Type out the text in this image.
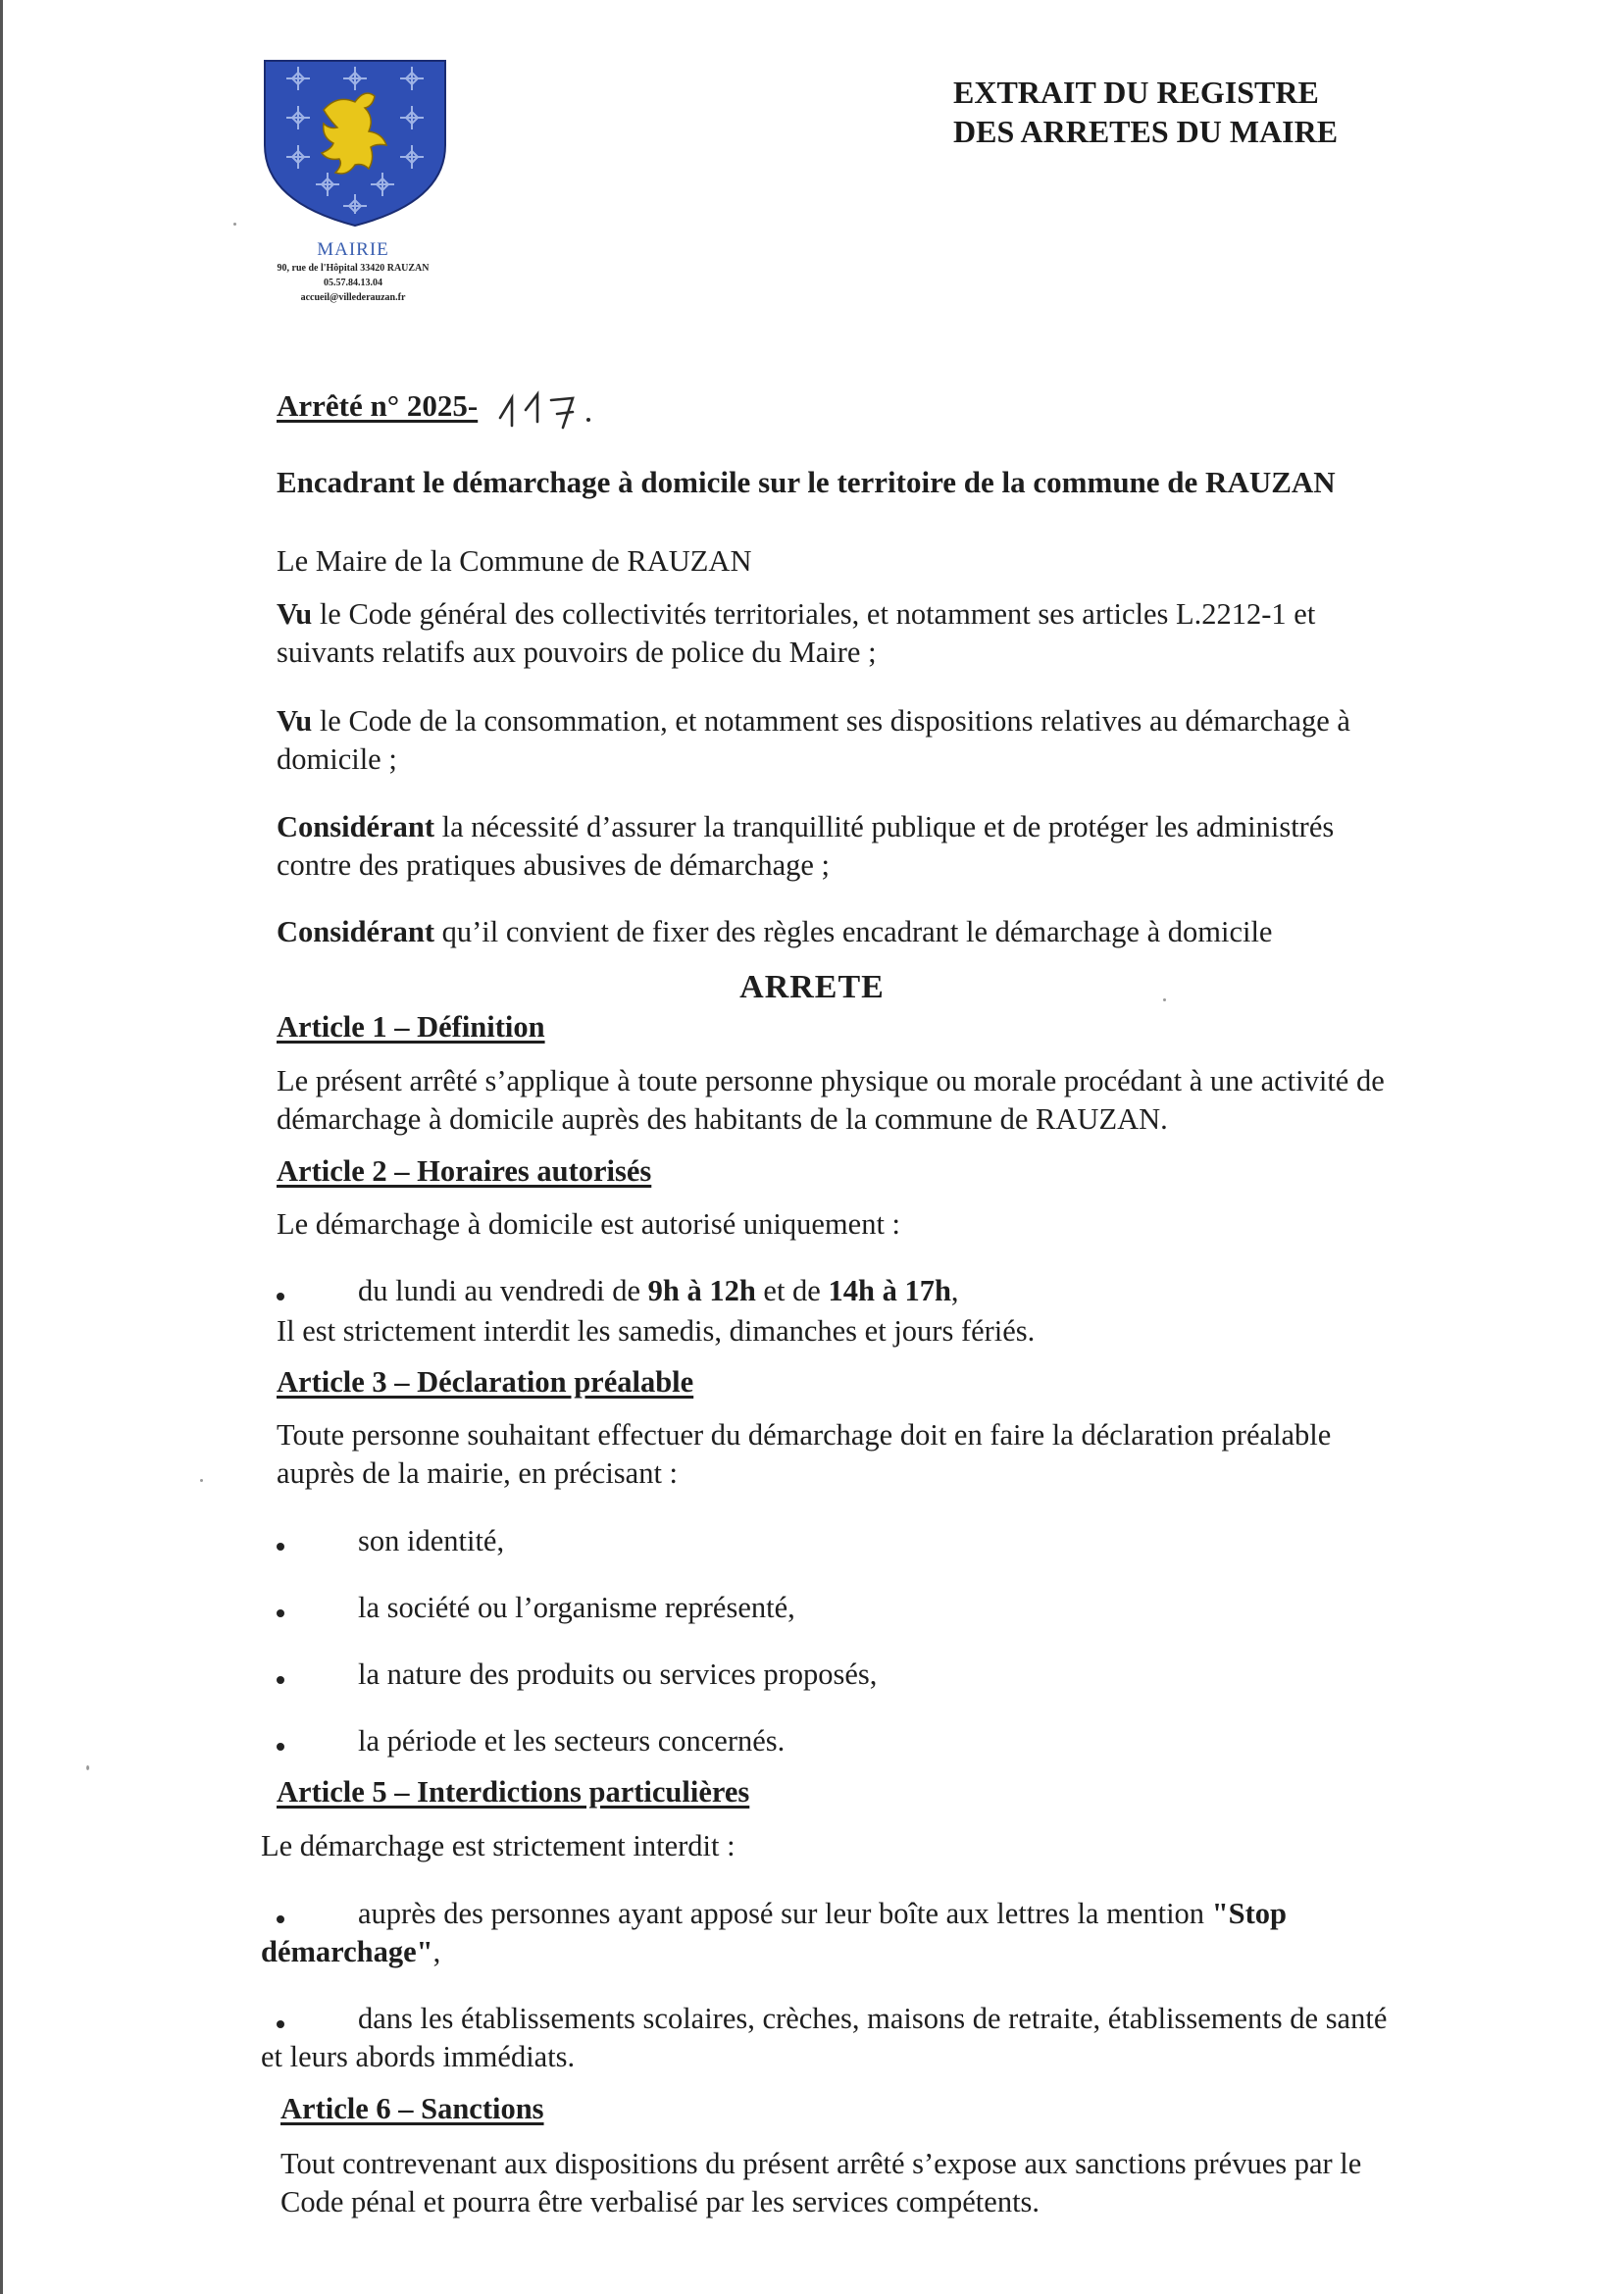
MAIRIE
90, rue de l'Hôpital 33420 RAUZAN
05.57.84.13.04
accueil@villederauzan.fr
EXTRAIT DU REGISTRE
DES ARRETES DU MAIRE
Arrêté n° 2025-
Encadrant le démarchage à domicile sur le territoire de la commune de RAUZAN
Le Maire de la Commune de RAUZAN
Vu le Code général des collectivités territoriales, et notamment ses articles L.2212-1 et
suivants relatifs aux pouvoirs de police du Maire ;
Vu le Code de la consommation, et notamment ses dispositions relatives au démarchage à
domicile ;
Considérant la nécessité d’assurer la tranquillité publique et de protéger les administrés
contre des pratiques abusives de démarchage ;
Considérant qu’il convient de fixer des règles encadrant le démarchage à domicile
ARRETE
Article 1 – Définition
Le présent arrêté s’applique à toute personne physique ou morale procédant à une activité de
démarchage à domicile auprès des habitants de la commune de RAUZAN.
Article 2 – Horaires autorisés
Le démarchage à domicile est autorisé uniquement :
du lundi au vendredi de 9h à 12h et de 14h à 17h,
Il est strictement interdit les samedis, dimanches et jours fériés.
Article 3 – Déclaration préalable
Toute personne souhaitant effectuer du démarchage doit en faire la déclaration préalable
auprès de la mairie, en précisant :
son identité,
la société ou l’organisme représenté,
la nature des produits ou services proposés,
la période et les secteurs concernés.
Article 5 – Interdictions particulières
Le démarchage est strictement interdit :
auprès des personnes ayant apposé sur leur boîte aux lettres la mention "Stop
démarchage",
dans les établissements scolaires, crèches, maisons de retraite, établissements de santé
et leurs abords immédiats.
Article 6 – Sanctions
Tout contrevenant aux dispositions du présent arrêté s’expose aux sanctions prévues par le
Code pénal et pourra être verbalisé par les services compétents.
